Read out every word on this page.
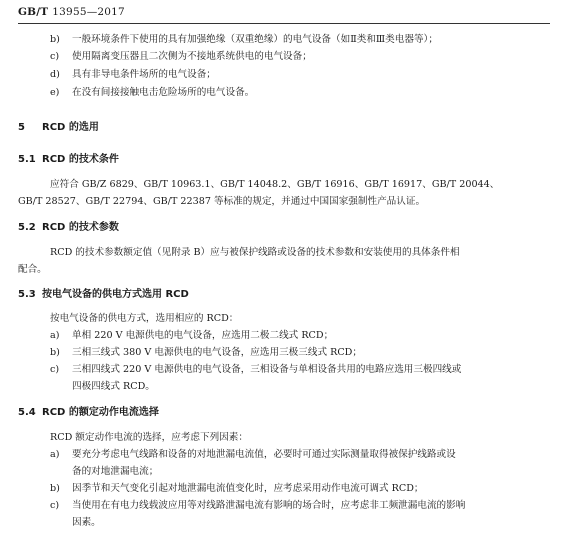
GB/T 13955—2017
b) 一般环境条件下使用的具有加强绝缘（双重绝缘）的电气设备（如Ⅱ类和Ⅲ类电器等）；
c) 使用隔离变压器且二次侧为不接地系统供电的电气设备；
d) 具有非导电条件场所的电气设备；
e) 在没有间接接触电击危险场所的电气设备。
5 RCD 的选用
5.1 RCD 的技术条件
应符合 GB/Z 6829、GB/T 10963.1、GB/T 14048.2、GB/T 16916、GB/T 16917、GB/T 20044、
GB/T 28527、GB/T 22794、GB/T 22387 等标准的规定，并通过中国国家强制性产品认证。
5.2 RCD 的技术参数
RCD 的技术参数额定值（见附录 B）应与被保护线路或设备的技术参数和安装使用的具体条件相
配合。
5.3 按电气设备的供电方式选用 RCD
按电气设备的供电方式，选用相应的 RCD：
a) 单相 220 V 电源供电的电气设备，应选用二极二线式 RCD；
b) 三相三线式 380 V 电源供电的电气设备，应选用三极三线式 RCD；
c) 三相四线式 220 V 电源供电的电气设备，三相设备与单相设备共用的电路应选用三极四线或
四极四线式 RCD。
5.4 RCD 的额定动作电流选择
RCD 额定动作电流的选择，应考虑下列因素：
a) 要充分考虑电气线路和设备的对地泄漏电流值，必要时可通过实际测量取得被保护线路或设
备的对地泄漏电流；
b) 因季节和天气变化引起对地泄漏电流值变化时，应考虑采用动作电流可调式 RCD；
c) 当使用在有电力线载波应用等对线路泄漏电流有影响的场合时，应考虑非工频泄漏电流的影响
因素。
